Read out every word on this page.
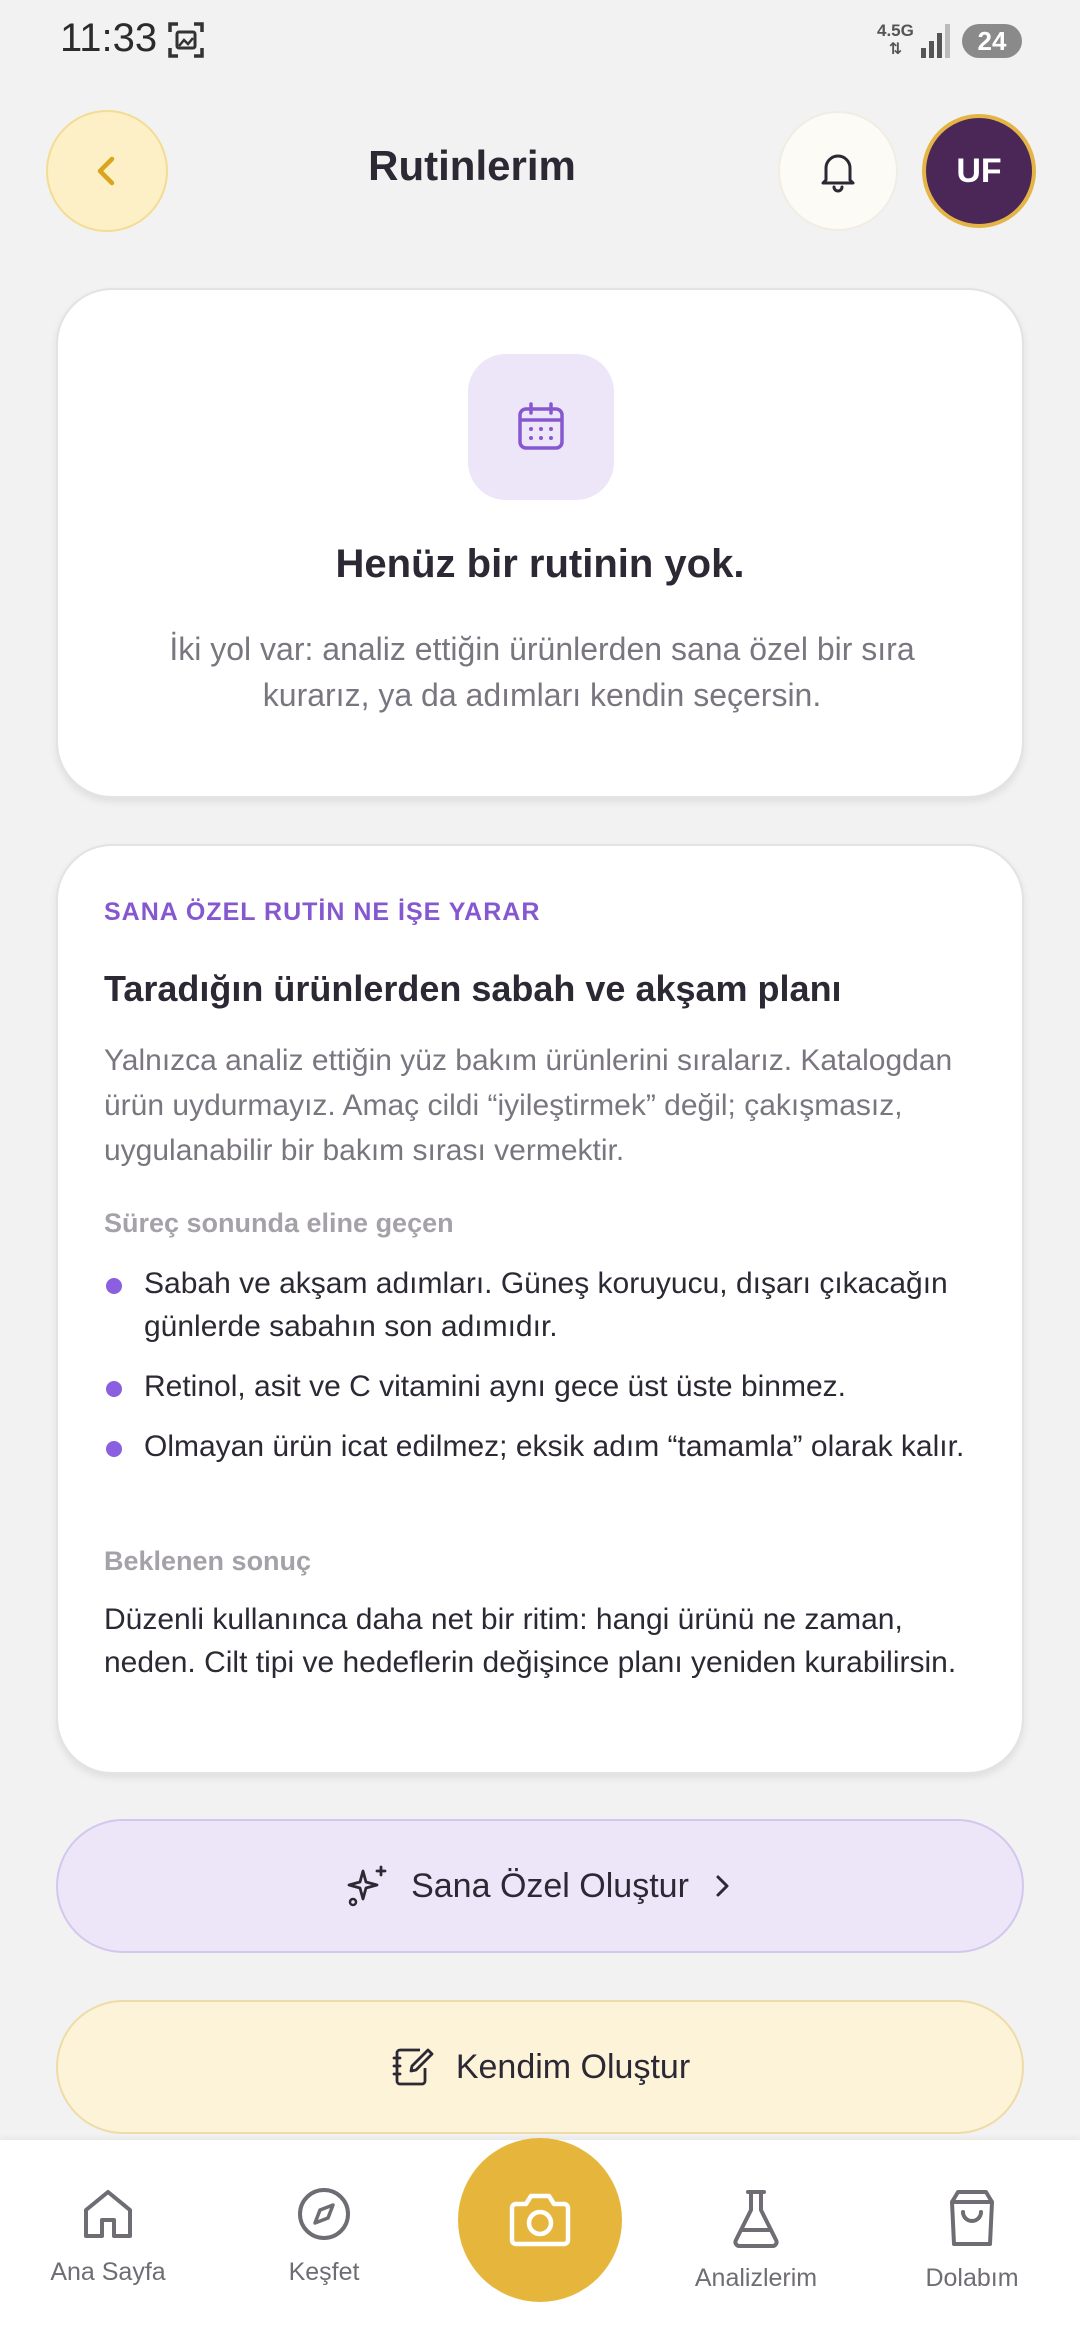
11:33	4.5G
⇅	24
Rutinlerim	UF
Henüz bir rutinin yok.
İki yol var: analiz ettiğin ürünlerden sana özel bir sıra kurarız, ya da adımları kendin seçersin.
SANA ÖZEL RUTİN NE İŞE YARAR
Taradığın ürünlerden sabah ve akşam planı
Yalnızca analiz ettiğin yüz bakım ürünlerini sıralarız. Katalogdan ürün uydurmayız. Amaç cildi “iyileştirmek” değil; çakışmasız, uygulanabilir bir bakım sırası vermektir.
Süreç sonunda eline geçen
Sabah ve akşam adımları. Güneş koruyucu, dışarı çıkacağın günlerde sabahın son adımıdır.
Retinol, asit ve C vitamini aynı gece üst üste binmez.
Olmayan ürün icat edilmez; eksik adım “tamamla” olarak kalır.
Beklenen sonuç
Düzenli kullanınca daha net bir ritim: hangi ürünü ne zaman, neden. Cilt tipi ve hedeflerin değişince planı yeniden kurabilirsin.
Sana Özel Oluştur
Kendim Oluştur
Ana Sayfa	Keşfet	Analizlerim	Dolabım
